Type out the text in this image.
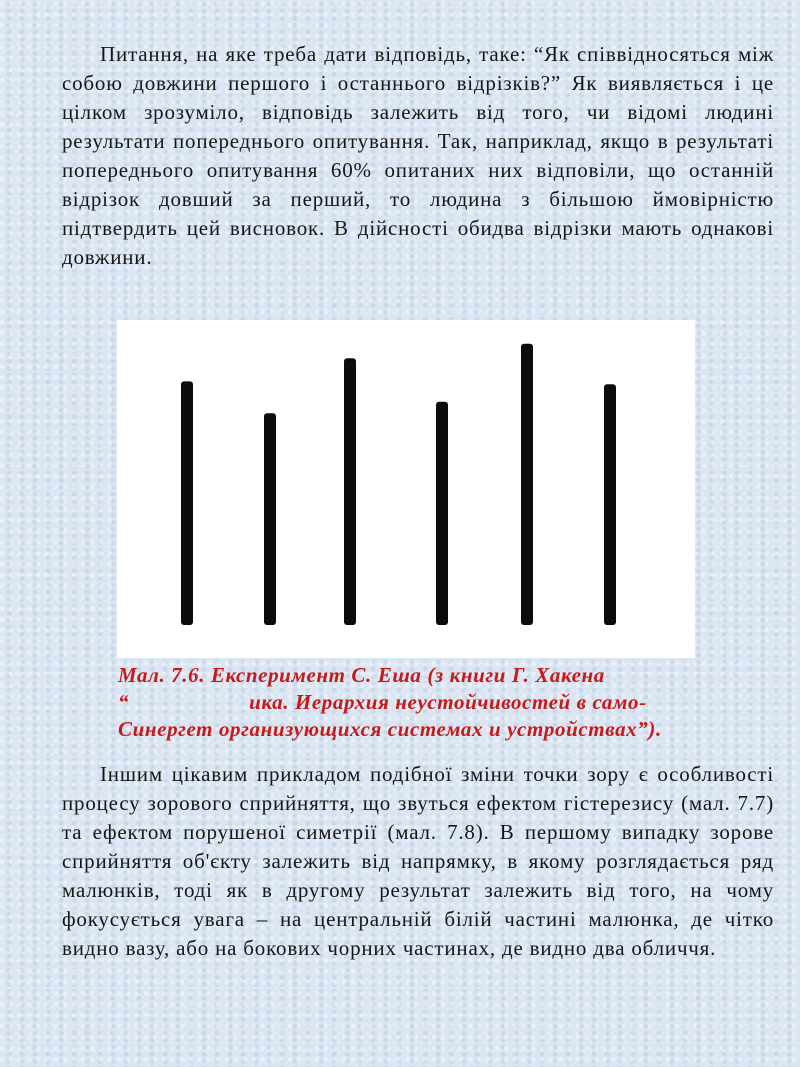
Питання, на яке треба дати відповідь, таке: “Як співвідносяться між собою довжини першого і останнього відрізків?” Як виявляється і це цілком зрозуміло, відповідь залежить від того, чи відомі людині результати попереднього опитування. Так, наприклад, якщо в результаті попереднього опитування 60% опитаних них відповіли, що останній відрізок довший за перший, то людина з більшою ймовірністю підтвердить цей висновок. В дійсності обидва відрізки мають однакові довжини.

Мал. 7.6. Експеримент С. Еша (з книги Г. Хакена
“	ика. Иерархия неустойчивостей в само-
Синергет организующихся системах и устройствах”).

Іншим цікавим прикладом подібної зміни точки зору є особливості процесу зорового сприйняття, що звуться ефектом гістерезису (мал. 7.7) та ефектом порушеної симетрії (мал. 7.8). В першому випадку зорове сприйняття об'єкту залежить від напрямку, в якому розглядається ряд малюнків, тоді як в другому результат залежить від того, на чому фокусується увага – на центральній білій частині малюнка, де чітко видно вазу, або на бокових чорних частинах, де видно два обличчя.
